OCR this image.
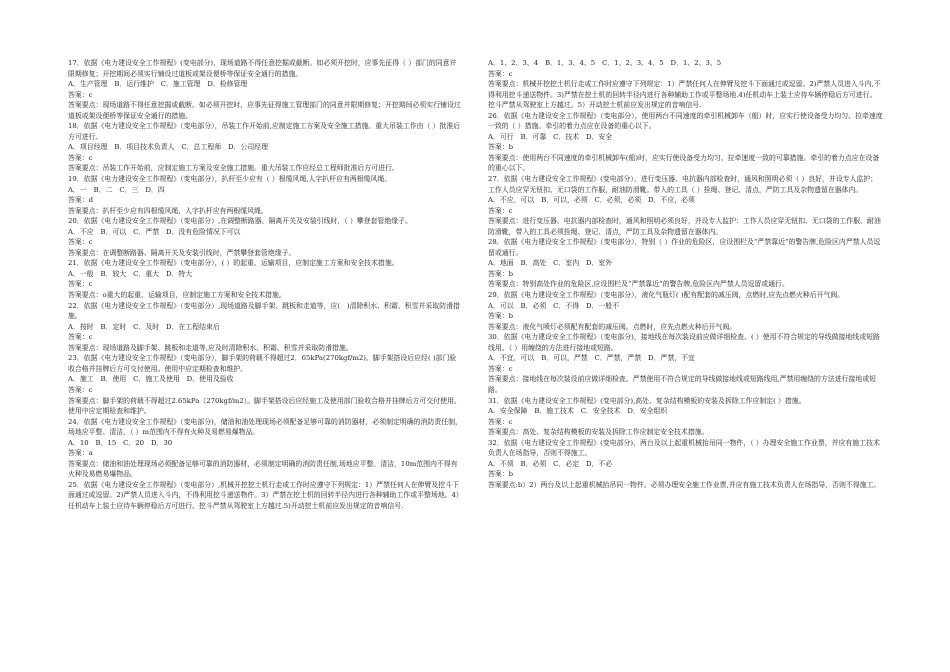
17．依据《电力建设安全工作规程》(变电部分)，现场道路不得任意挖掘或截断。如必须开挖时，应事先征得（ ）部门的同意并限期修复；开挖期间必须实行铺设过道板或架设便桥等保证安全通行的措施。

A．生产管理　B．运行维护　C．施工管理　D．检修管理

答案：c

答案要点：现场道路不得任意挖掘或截断。如必须开挖时，应事先征得施工管理部门的同意并限期修复；开挖期间必须实行铺设过道板或架设便桥等保证安全通行的措施。

18．依据《电力建设安全工作规程》（变电部分），吊装工作开始前,应制定施工方案及安全施工措施。重大吊装工作由（ ）批准后方可进行。

A．项目经理　B．项目技术负责人　C．总工程师　D．公司经理

答案：c

答案要点：吊装工作开始前，应制定施工方案及安全施工措施。重大吊装工作应经总工程师批准后方可进行。

19．依据《电力建设安全工作规程》（变电部分），扒杆至少应有（ ）根缆风绳,人字扒杆应有两根缆风绳。

A．一　B．二　C．三　D．四

答案：d

答案要点：扒杆至少应有四根缆风绳，人字扒杆应有两根缆风绳。

20．依据《电力建设安全工作规程》（变电部分）,在调整断路器、隔离开关及安装引线时，（ ）攀登套管绝缘子。

A．不应　B．可以　C．严禁　D．没有危险情况下可以

答案：c

答案要点：在调整断路器、隔离开关及安装引线时，严禁攀登套管绝缘子。

21．依据《电力建设安全工作规程》（变电部分），( ）的起重、运输项目，应制定施工方案和安全技术措施。

A．一般　B．较大　C．重大　D．特大

答案：c

答案要点：o重大的起重、运输项目，应制定施工方案和安全技术措施。

22．依据《电力建设安全工作规程》（变电部分）,现场道路及脚手架、跳板和走道等，应(　)清除积水、积霜、积雪并采取防滑措施。

A．按时　B．定时　C．及时　D．在工程结束后

答案：c

答案要点：现场道路及脚手架、跳板和走道等,应及时清除积水、积霜、积雪并采取防滑措施。

23．依据《电力建设安全工作规程》（变电部分），脚手架的荷载不得超过2．65kPa(270kgf/m2)。脚手架搭设后应经( )部门验收合格并挂牌后方可交付使用。使用中应定期检查和维护。

A．施工　B．使用　C．施工及使用　D．使用及验收

答案：c

答案要点：脚手架的荷载不得超过2.65kPa（270kgf/m2）。脚手架搭设后应经施工及使用部门验收合格并挂牌后方可交付使用。使用中应定期检查和维护。

24．依据《电力建设安全工作规程》（变电部分)，储油和油处理现场必须配备足够可靠的消防器材，必须制定明确的消防责任制，场地应平整、清洁，（ ）m范围内不得有火种及易燃易爆物品。

A．10　B．15　C．20　D．30

答案：a

答案要点：储油和油处理现场必须配备足够可靠的消防器材，必须制定明确的消防责任制,场地应平整、清洁，10m范围内不得有火种及易燃易爆物品。

25．依据《电力建设安全工作规程》（变电部分）,机械开挖挖土机行走或工作时应遵守下列规定：1）严禁任何人在伸臂及挖斗下面通过或逗留。2)严禁人员进入斗内，不得利用挖斗递送物件。3）严禁在挖土机的回转半径内进行各种辅助工作或平整场地。4）任机动车上装土应待车辆停稳后方可进行。挖斗严禁从驾驶室上方越过.5)开动挖土机前应发出规定的音响信号.

A．1、2、3、4　B．1、3、4、5　C．1、2、3、4、5　D．1、2、3、5

答案：c

答案要点：机械开挖挖土机行走或工作时应遵守下列规定：1）严禁任何人在伸臂及挖斗下面通过或逗留。2)严禁人员进入斗内,不得利用挖斗递送物件。3)严禁在挖土机的回转半径内进行各种辅助工作或平整场地.4)任机动车上装土应待车辆停稳后方可进行。挖斗严禁从驾驶室上方越过。5）开动挖土机前应发出规定的音响信号.

26．依据《电力建设安全工作规程》（变电部分），使用两台不同速度的牵引机械卸车（船）时，应实行使设备受力均匀、拉牵速度一致的（ ）措施。牵引的着力点应在设备的重心以下。

A．可行　B．可靠　C．技术　D．安全

答案：b

答案要点：使用两台不同速度的牵引机械卸车(船)时，应实行使设备受力均匀、拉牵速度一致的可靠措施。牵引的着力点应在设备的重心以下。

27．依据《电力建设安全工作规程》(变电部分），进行变压器、电抗器内部检查时，通风和照明必须（ ）良好，并设专人监护；工作人员应穿无钮扣、无口袋的工作服，耐油防滑靴。带入的工具（ ）拴绳、登记、清点，严防工具及杂物遗留在器体内。

A．不应，可以　B．可以，必须　C．必须，必须　D．不应，必须

答案：c

答案要点：进行变压器、电抗器内部检查时，通风和照明必须良好，并设专人监护：工作人员应穿无钮扣、无口袋的工作服、耐油防滑靴，带入的工具必须拴绳、登记、清点，严防工具及杂物遗留在器体内。

28．依据《电力建设安全工作规程》（变电部分），特别（ ）作业的危险区，应设围栏及“严禁靠近”的警告牌,危险区内严禁人员逗留或通行。

A．地面　B．高处　C．室内　D．室外

答案：b

答案要点：特别高处作业的危险区,应设围栏及“严禁靠近”的警告牌,危险区内严禁人员逗留或通行。

29．依据《电力建设安全工作规程》（变电部分），液化气瓶灯( )配有配套的减压阀，点燃时,应先点燃火种后开气阀。

A．可以　B．必须　C．不得　D．一般不

答案：b

答案要点：液化气喷灯必须配有配套的减压阀。点燃时，应先点燃火种后开气阀。

30．依据《电力建设安全工作规程》（变电部分)，接地线在每次装设前应做详细检查。( ）使用不符合规定的导线做接地线或短路线用。（ ）用缠绕的方法进行接地或短路。

A．不宜，可以　B．可以，严禁　C．严禁，严禁　D．严禁，不宜

答案：c

答案要点：接地线在每次装设前应做详细检查。严禁使用不符合规定的导线做接地线或短路线用,严禁用缠绕的方法进行接地或短路。

31．依据《电力建设安全工作规程》(变电部分),高处、复杂结构模板的安装及拆除工作应制定( ）措施。

A．安全保障　B．施工技术　C．安全技术　D．安全组织

答案：c

答案要点：高处、复杂结构模板的安装及拆除工作应制定安全技术措施。

32．依据《电力建设安全工作规程》(变电部分)，两台及以上起重机械抬吊同一物件，（ ）办理安全施工作业票，并应有施工技术负责人在场指导，否则不得施工。

A．不须　B．必须　C．必定　D．不必

答案：b

答案要点:b）2）两台及以上起重机械抬吊同一物件。必须办理安全施工作业票,并应有施工技术负责人在场指导，否则不得施工。
